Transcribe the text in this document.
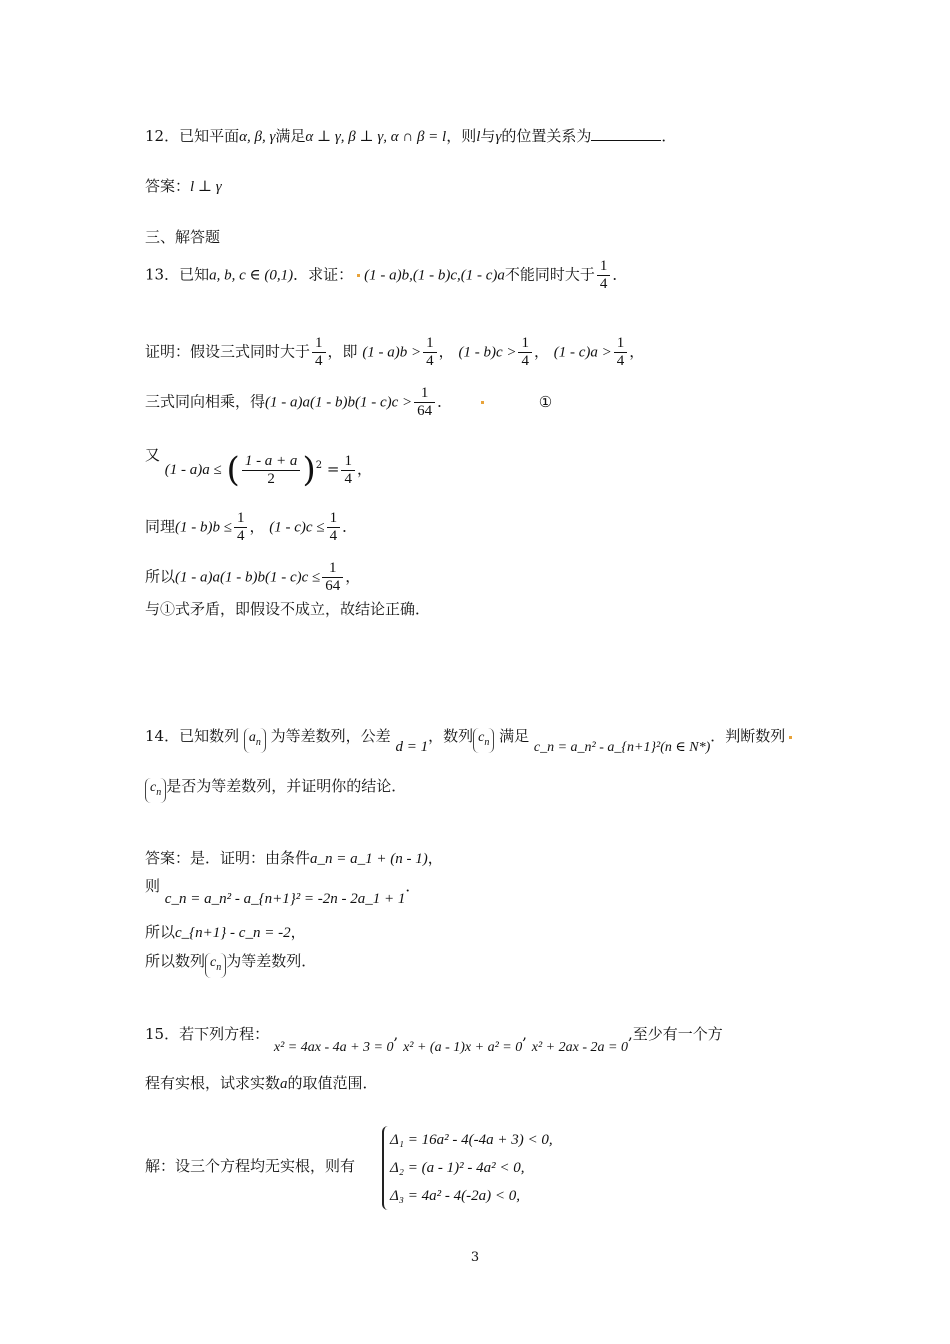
12．已知平面α, β, γ满足α ⊥ γ, β ⊥ γ, α ∩ β = l，则l与γ的位置关系为	．
答案：l ⊥ γ
三、解答题
13．已知a, b, c ∈ (0,1)．求证： (1 - a)b,(1 - b)c,(1 - c)a不能同时大于 $\frac{1}{4}$ ．
证明：假设三式同时大于 $\frac{1}{4}$ ，即 $(1 - a)b > \frac{1}{4}$ ， $(1 - b)c > \frac{1}{4}$ ， $(1 - c)a > \frac{1}{4}$ ，
三式同向相乘，得$(1 - a)a(1 - b)b(1 - c)c > \frac{1}{64}$ ．	①
又 (1 - a)a ≤ ( $\frac{1 - a + a}{2} )^2 = \frac{1}{4}$ ，
同理$(1 - b)b \le \frac{1}{4}$ ， $(1 - c)c \le \frac{1}{4}$ ．
所以$(1 - a)a(1 - b)b(1 - c)c \le \frac{1}{64}$ ，
与①式矛盾，即假设不成立，故结论正确．
14．已知数列 $a_n$ 为等差数列，公差 d = 1，数列 $c_n$ 满足 c_n = a_n² - a_{n+1}²(n ∈ N*)．判断数列
$c_n$ 是否为等差数列，并证明你的结论．
答案：是．证明：由条件a_n = a_1 + (n - 1)，
则 c_n = a_n² - a_{n+1}² = -2n - 2a_1 + 1．
所以c_{n+1} - c_n = -2，
所以数列 $c_n$ 为等差数列．
15．若下列方程： x² = 4ax - 4a + 3 = 0, x² + (a - 1)x + a² = 0, x² + 2ax - 2a = 0,至少有一个方
程有实根，试求实数a的取值范围．
解：设三个方程均无实根，则有
Δ₁ = 16a² - 4(-4a + 3) < 0,
Δ₂ = (a - 1)² - 4a² < 0,
Δ₃ = 4a² - 4(-2a) < 0,
3
